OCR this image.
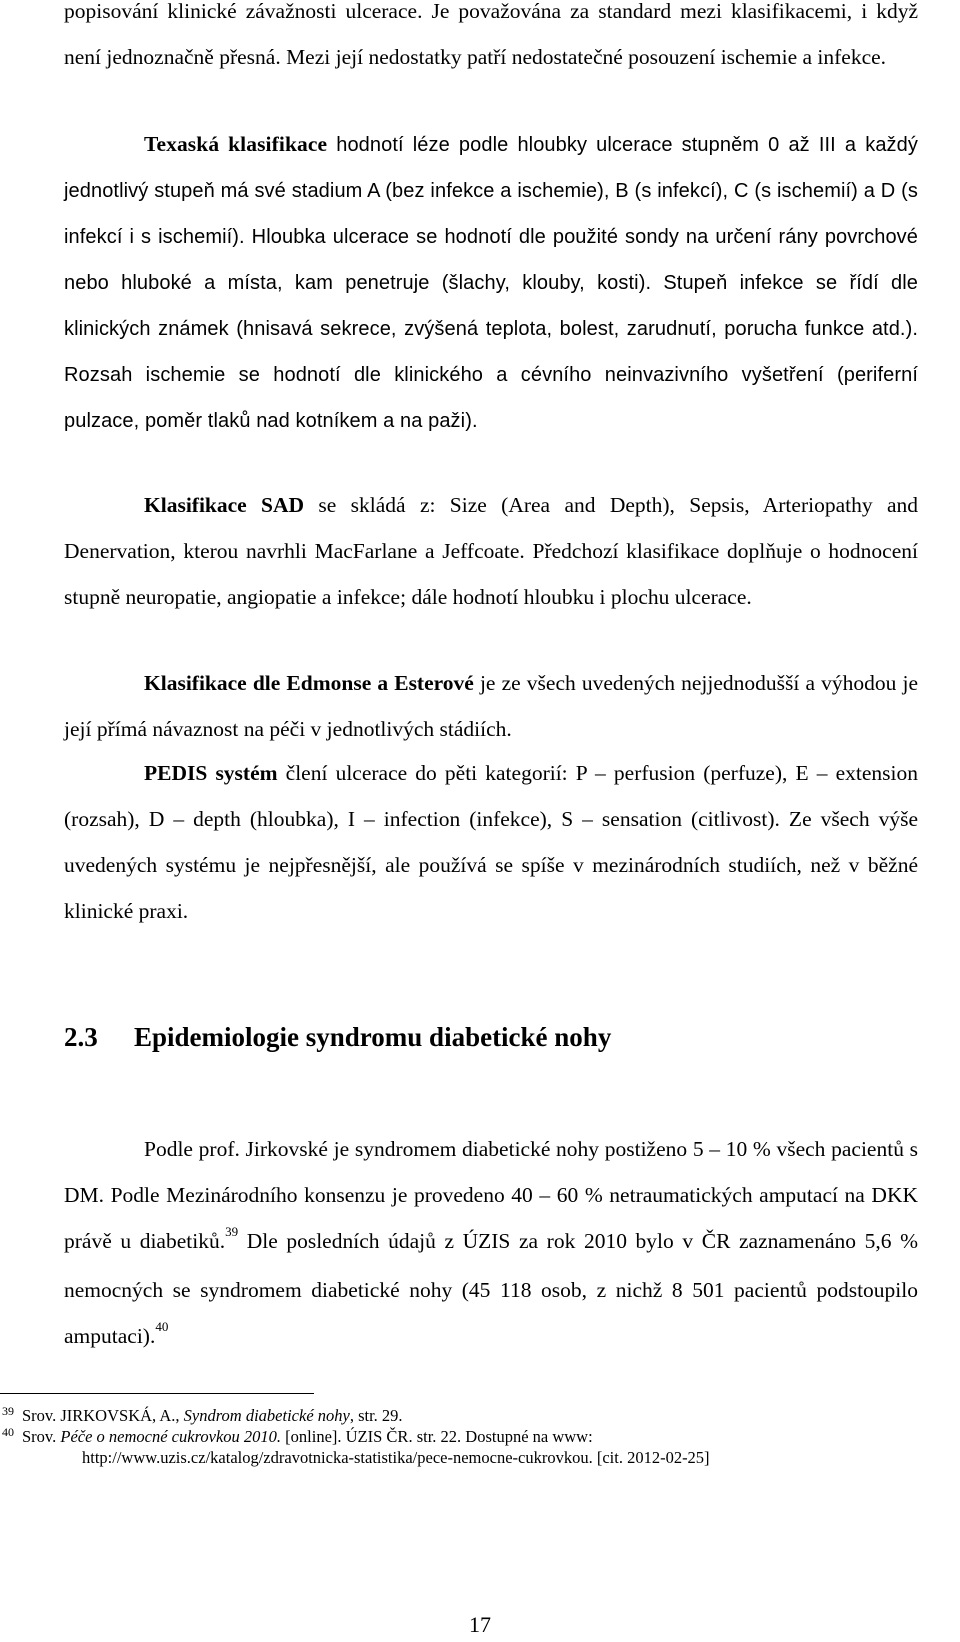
popisování klinické závažnosti ulcerace. Je považována za standard mezi klasifikacemi, i když není jednoznačně přesná. Mezi její nedostatky patří nedostatečné posouzení ischemie a infekce.

Texaská klasifikace hodnotí léze podle hloubky ulcerace stupněm 0 až III a každý jednotlivý stupeň má své stadium A (bez infekce a ischemie), B (s infekcí), C (s ischemií) a D (s infekcí i s ischemií). Hloubka ulcerace se hodnotí dle použité sondy na určení rány povrchové nebo hluboké a místa, kam penetruje (šlachy, klouby, kosti). Stupeň infekce se řídí dle klinických známek (hnisavá sekrece, zvýšená teplota, bolest, zarudnutí, porucha funkce atd.). Rozsah ischemie se hodnotí dle klinického a cévního neinvazivního vyšetření (periferní pulzace, poměr tlaků nad kotníkem a na paži).

Klasifikace SAD se skládá z: Size (Area and Depth), Sepsis, Arteriopathy and Denervation, kterou navrhli MacFarlane a Jeffcoate. Předchozí klasifikace doplňuje o hodnocení stupně neuropatie, angiopatie a infekce; dále hodnotí hloubku i plochu ulcerace.

Klasifikace dle Edmonse a Esterové je ze všech uvedených nejjednodušší a výhodou je její přímá návaznost na péči v jednotlivých stádiích.

PEDIS systém člení ulcerace do pěti kategorií: P – perfusion (perfuze), E – extension (rozsah), D – depth (hloubka), I – infection (infekce), S – sensation (citlivost). Ze všech výše uvedených systému je nejpřesnější, ale používá se spíše v mezinárodních studiích, než v běžné klinické praxi.

2.3 Epidemiologie syndromu diabetické nohy

Podle prof. Jirkovské je syndromem diabetické nohy postiženo 5 – 10 % všech pacientů s DM. Podle Mezinárodního konsenzu je provedeno 40 – 60 % netraumatických amputací na DKK právě u diabetiků.$^{39}$ Dle posledních údajů z ÚZIS za rok 2010 bylo v ČR zaznamenáno 5,6 % nemocných se syndromem diabetické nohy (45 118 osob, z nichž 8 501 pacientů podstoupilo amputaci).$^{40}$

39 Srov. JIRKOVSKÁ, A., Syndrom diabetické nohy, str. 29.
40 Srov. Péče o nemocné cukrovkou 2010. [online]. ÚZIS ČR. str. 22. Dostupné na www:
http://www.uzis.cz/katalog/zdravotnicka-statistika/pece-nemocne-cukrovkou. [cit. 2012-02-25]
17
